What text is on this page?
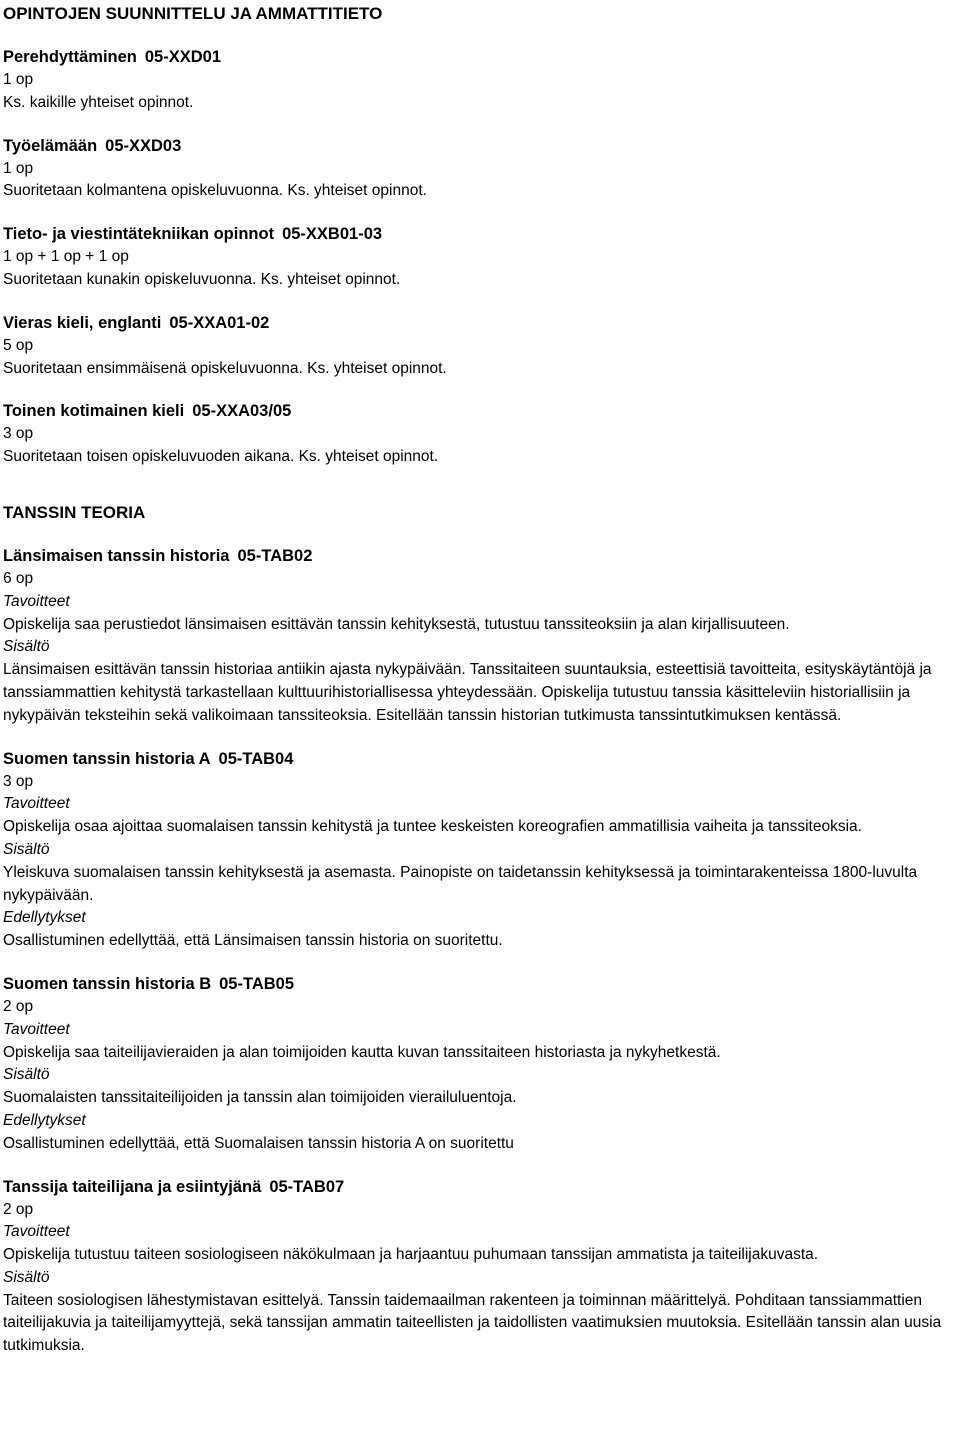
OPINTOJEN SUUNNITTELU JA AMMATTITIETO

Perehdyttäminen 05-XXD01

1 op

Ks. kaikille yhteiset opinnot.

Työelämään 05-XXD03

1 op

Suoritetaan kolmantena opiskeluvuonna. Ks. yhteiset opinnot.

Tieto- ja viestintätekniikan opinnot 05-XXB01-03

1 op + 1 op + 1 op

Suoritetaan kunakin opiskeluvuonna. Ks. yhteiset opinnot.

Vieras kieli, englanti 05-XXA01-02

5 op

Suoritetaan ensimmäisenä opiskeluvuonna. Ks. yhteiset opinnot.

Toinen kotimainen kieli 05-XXA03/05

3 op

Suoritetaan toisen opiskeluvuoden aikana. Ks. yhteiset opinnot.

TANSSIN TEORIA

Länsimaisen tanssin historia 05-TAB02

6 op

Tavoitteet

Opiskelija saa perustiedot länsimaisen esittävän tanssin kehityksestä, tutustuu tanssiteoksiin ja alan kirjallisuuteen.

Sisältö

Länsimaisen esittävän tanssin historiaa antiikin ajasta nykypäivään. Tanssitaiteen suuntauksia, esteettisiä tavoitteita, esityskäytäntöjä ja tanssiammattien kehitystä tarkastellaan kulttuurihistoriallisessa yhteydessään. Opiskelija tutustuu tanssia käsitteleviin historiallisiin ja nykypäivän teksteihin sekä valikoimaan tanssiteoksia. Esitellään tanssin historian tutkimusta tanssintutkimuksen kentässä.

Suomen tanssin historia A 05-TAB04

3 op

Tavoitteet

Opiskelija osaa ajoittaa suomalaisen tanssin kehitystä ja tuntee keskeisten koreografien ammatillisia vaiheita ja tanssiteoksia.

Sisältö

Yleiskuva suomalaisen tanssin kehityksestä ja asemasta. Painopiste on taidetanssin kehityksessä ja toimintarakenteissa 1800-luvulta nykypäivään.

Edellytykset

Osallistuminen edellyttää, että Länsimaisen tanssin historia on suoritettu.

Suomen tanssin historia B 05-TAB05

2 op

Tavoitteet

Opiskelija saa taiteilijavieraiden ja alan toimijoiden kautta kuvan tanssitaiteen historiasta ja nykyhetkestä.

Sisältö

Suomalaisten tanssitaiteilijoiden ja tanssin alan toimijoiden vierailuluentoja.

Edellytykset

Osallistuminen edellyttää, että Suomalaisen tanssin historia A on suoritettu

Tanssija taiteilijana ja esiintyjänä 05-TAB07

2 op

Tavoitteet

Opiskelija tutustuu taiteen sosiologiseen näkökulmaan ja harjaantuu puhumaan tanssijan ammatista ja taiteilijakuvasta.

Sisältö

Taiteen sosiologisen lähestymistavan esittelyä. Tanssin taidemaailman rakenteen ja toiminnan määrittelyä. Pohditaan tanssiammattien taiteilijakuvia ja taiteilijamyyttejä, sekä tanssijan ammatin taiteellisten ja taidollisten vaatimuksien muutoksia. Esitellään tanssin alan uusia tutkimuksia.
